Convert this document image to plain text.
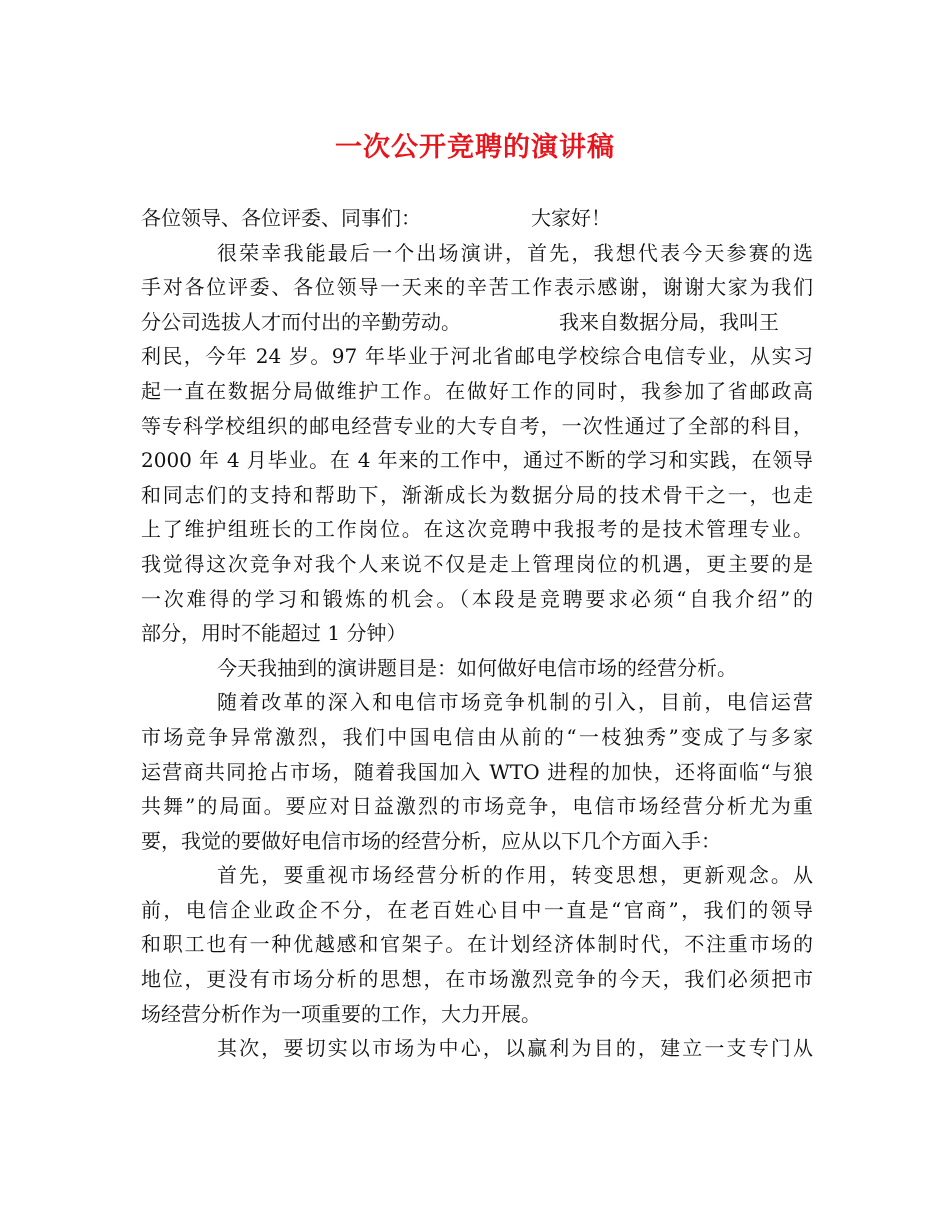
一次公开竞聘的演讲稿
各位领导、各位评委、同事们：	大家好！
很荣幸我能最后一个出场演讲，首先，我想代表今天参赛的选
手对各位评委、各位领导一天来的辛苦工作表示感谢，谢谢大家为我们
分公司选拔人才而付出的辛勤劳动。	我来自数据分局，我叫王
利民，今年 24 岁。97 年毕业于河北省邮电学校综合电信专业，从实习
起一直在数据分局做维护工作。在做好工作的同时，我参加了省邮政高
等专科学校组织的邮电经营专业的大专自考，一次性通过了全部的科目，
2000 年 4 月毕业。在 4 年来的工作中，通过不断的学习和实践，在领导
和同志们的支持和帮助下，渐渐成长为数据分局的技术骨干之一，也走
上了维护组班长的工作岗位。在这次竞聘中我报考的是技术管理专业。
我觉得这次竞争对我个人来说不仅是走上管理岗位的机遇，更主要的是
一次难得的学习和锻炼的机会。（本段是竞聘要求必须“自我介绍”的
部分，用时不能超过 1 分钟）
今天我抽到的演讲题目是：如何做好电信市场的经营分析。
随着改革的深入和电信市场竞争机制的引入，目前，电信运营
市场竞争异常激烈，我们中国电信由从前的“一枝独秀”变成了与多家
运营商共同抢占市场，随着我国加入 WTO 进程的加快，还将面临“与狼
共舞”的局面。要应对日益激烈的市场竞争，电信市场经营分析尤为重
要，我觉的要做好电信市场的经营分析，应从以下几个方面入手：
首先，要重视市场经营分析的作用，转变思想，更新观念。从
前，电信企业政企不分，在老百姓心目中一直是“官商”，我们的领导
和职工也有一种优越感和官架子。在计划经济体制时代，不注重市场的
地位，更没有市场分析的思想，在市场激烈竞争的今天，我们必须把市
场经营分析作为一项重要的工作，大力开展。
其次，要切实以市场为中心，以赢利为目的，建立一支专门从
